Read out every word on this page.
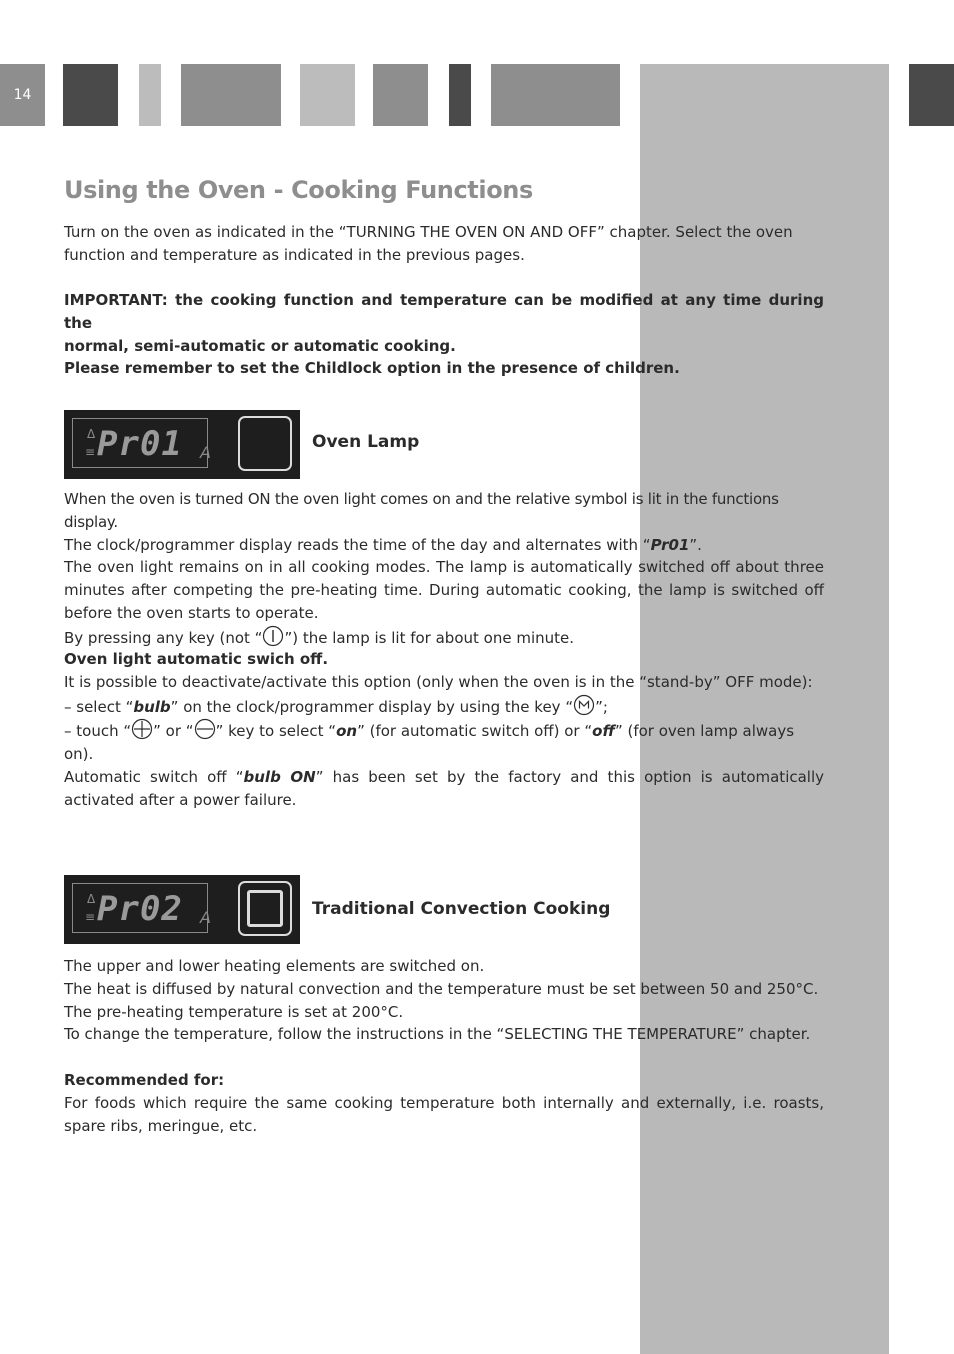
14
Using the Oven - Cooking Functions

Turn on the oven as indicated in the “TURNING THE OVEN ON AND OFF” chapter. Select the oven
function and temperature as indicated in the previous pages.

IMPORTANT: the cooking function and temperature can be modified at any time during the
normal, semi-automatic or automatic cooking.
Please remember to set the Childlock option in the presence of children.

Δ
≡ Pr01 A
Oven Lamp

When the oven is turned ON the oven light comes on and the relative symbol is lit in the functions display.
The clock/programmer display reads the time of the day and alternates with “Pr01”.
The oven light remains on in all cooking modes. The lamp is automatically switched off about three minutes after competing the pre-heating time. During automatic cooking, the lamp is switched off before the oven starts to operate.
By pressing any key (not “ ”) the lamp is lit for about one minute.

Oven light automatic swich off.
It is possible to deactivate/activate this option (only when the oven is in the “stand-by” OFF mode):
– select “bulb” on the clock/programmer display by using the key “ ”;
– touch “ ” or “ ” key to select “on” (for automatic switch off) or “off” (for oven lamp always on).
Automatic switch off “bulb ON” has been set by the factory and this option is automatically activated after a power failure.

Δ
≡ Pr02 A	Traditional Convection Cooking

The upper and lower heating elements are switched on.
The heat is diffused by natural convection and the temperature must be set between 50 and 250°C.
The pre-heating temperature is set at 200°C.
To change the temperature, follow the instructions in the “SELECTING THE TEMPERATURE” chapter.

Recommended for:
For foods which require the same cooking temperature both internally and externally, i.e. roasts, spare ribs, meringue, etc.
